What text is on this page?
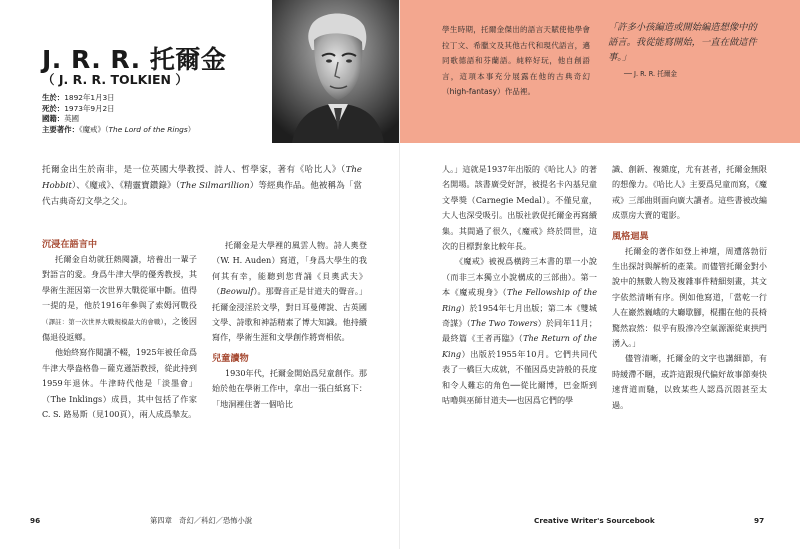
J. R. R. 托爾金
（ J. R. R. TOLKIEN ）
生於：1892年1月3日
死於：1973年9月2日
國籍：英國
主要著作：《魔戒》（The Lord of the Rings）
托爾金出生於南非，是一位英國大學教授、詩人、哲學家，著有《哈比人》（The Hobbit）、《魔戒》、《精靈寶鑽錄》（The Silmarillion）等經典作品。他被稱為「當代古典奇幻文學之父」。
沉浸在語言中

托爾金自幼就狂熱閱讀，培養出一輩子對語言的愛。身爲牛津大學的優秀教授，其學術生涯因第一次世界大戰從軍中斷。值得一提的是，他於1916年參與了索姆河戰役（譯註：第一次世界大戰規模最大的會戰），之後因傷退役返鄉。

他始終寫作閱讀不輟，1925年被任命爲牛津大學盎格魯－薩克遜語教授，從此持到1959年退休。牛津時代他是「淡墨會」（The Inklings）成員，其中包括了作家C. S. 路易斯（見100頁），兩人成爲摯友。

托爾金是大學裡的風雲人物。詩人奧登（W. H. Auden）寫道，「身爲大學生的我何其有幸，能聽到您背誦《貝奧武夫》（Beowulf）。那聲音正是甘道夫的聲音。」托爾金浸淫於文學，對日耳曼傳說、古英國文學、詩歌和神話精素了博大知識。他持續寫作，學術生涯和文學創作將齊相依。

兒童讀物

1930年代，托爾金開始爲兒童創作。那始於他在學術工作中，拿出一張白紙寫下：「地洞裡住著一個哈比

96	第四章　奇幻／科幻／恐怖小說
學生時期，托爾金傑出的語言天賦使他學會拉丁文、希臘文及其他古代和現代語言，邁同歌德語和芬蘭語。純粹好玩，他自創語言，這項本事充分展露在他的古典奇幻（high-fantasy）作品裡。
「許多小孩編造或開始編造想像中的語言。我從能寫開始，一直在做這件事。」
── J. R. R. 托爾金

人。」這就是1937年出版的《哈比人》的著名開場。該書廣受好評，被提名卡內基兒童文學獎（Carnegie Medal）。不僅兒童，大人也深受吸引。出版社敦促托爾金再寫續集。其間過了很久，《魔戒》終於問世，這次的目標對象比較年長。

《魔戒》被視爲橫跨三本書的單一小說（而非三本獨立小說構成的三部曲）。第一本《魔戒現身》（The Fellowship of the Ring）於1954年七月出版；第二本《雙城奇謀》（The Two Towers）於同年11月；最終篇《王者再臨》（The Return of the King）出版於1955年10月。它們共同代表了一橋巨大成就，不僅因爲史詩般的長度和令人難忘的角色──從比爾博，巴金斯到咕嚕與巫師甘道夫──也因爲它們的學

識、創新、複雜度，尤有甚者，托爾金無限的想像力。《哈比人》主要爲兒童而寫，《魔戒》三部曲則面向廣大讀者。這些書被改編成票房大賣的電影。

風格迴異

托爾金的著作如登上神壇，周遭落勃衍生出探討與解析的產業。而儘管托爾金對小說中的無數人物及複雜事件精細刻畫，其文字依然清晰有序。例如他寫道，「當乾一行人在巖然巍峨的大廳歇腳，棍擱在他的長椅驚然寂然：似乎有股滲冷空氣源源從東拱門湧入。」

儘管清晰，托爾金的文字也講細節，有時緩滯不睏，或許這跟現代偏好故事節奏快速背道而馳，以致某些人認爲沉悶甚至太過。

Creative Writer's Sourcebook	97
